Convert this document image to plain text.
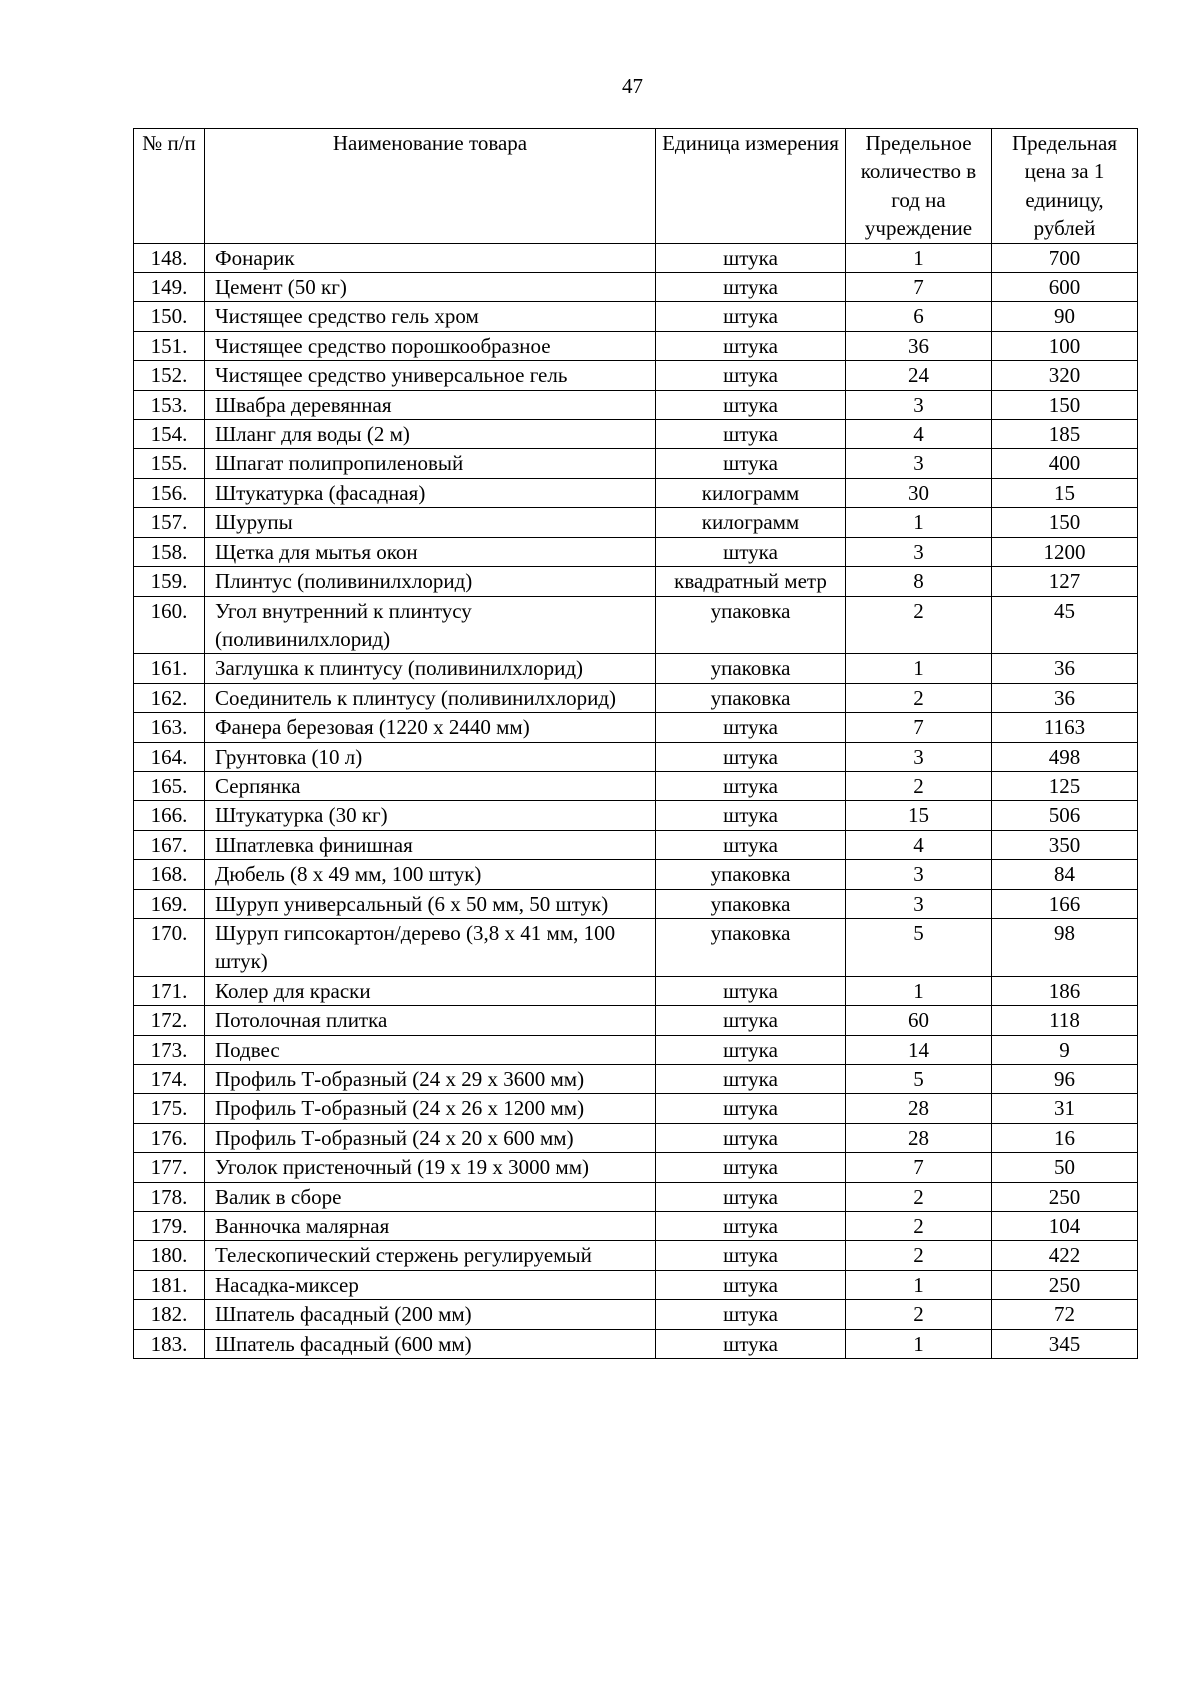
47
№ п/п	Наименование товара	Единица измерения	Предельное количество в год на учреждение	Предельная цена за 1 единицу, рублей
148.	Фонарик	штука	1	700
149.	Цемент (50 кг)	штука	7	600
150.	Чистящее средство гель хром	штука	6	90
151.	Чистящее средство порошкообразное	штука	36	100
152.	Чистящее средство универсальное гель	штука	24	320
153.	Швабра деревянная	штука	3	150
154.	Шланг для воды (2 м)	штука	4	185
155.	Шпагат полипропиленовый	штука	3	400
156.	Штукатурка (фасадная)	килограмм	30	15
157.	Шурупы	килограмм	1	150
158.	Щетка для мытья окон	штука	3	1200
159.	Плинтус (поливинилхлорид)	квадратный метр	8	127
160.	Угол внутренний к плинтусу (поливинилхлорид)	упаковка	2	45
161.	Заглушка к плинтусу (поливинилхлорид)	упаковка	1	36
162.	Соединитель к плинтусу (поливинилхлорид)	упаковка	2	36
163.	Фанера березовая (1220 х 2440 мм)	штука	7	1163
164.	Грунтовка (10 л)	штука	3	498
165.	Серпянка	штука	2	125
166.	Штукатурка (30 кг)	штука	15	506
167.	Шпатлевка финишная	штука	4	350
168.	Дюбель (8 х 49 мм, 100 штук)	упаковка	3	84
169.	Шуруп универсальный (6 х 50 мм, 50 штук)	упаковка	3	166
170.	Шуруп гипсокартон/дерево (3,8 х 41 мм, 100 штук)	упаковка	5	98
171.	Колер для краски	штука	1	186
172.	Потолочная плитка	штука	60	118
173.	Подвес	штука	14	9
174.	Профиль Т-образный (24 х 29 х 3600 мм)	штука	5	96
175.	Профиль Т-образный (24 х 26 х 1200 мм)	штука	28	31
176.	Профиль Т-образный (24 х 20 х 600 мм)	штука	28	16
177.	Уголок пристеночный (19 х 19 х 3000 мм)	штука	7	50
178.	Валик в сборе	штука	2	250
179.	Ванночка малярная	штука	2	104
180.	Телескопический стержень регулируемый	штука	2	422
181.	Насадка-миксер	штука	1	250
182.	Шпатель фасадный (200 мм)	штука	2	72
183.	Шпатель фасадный (600 мм)	штука	1	345
